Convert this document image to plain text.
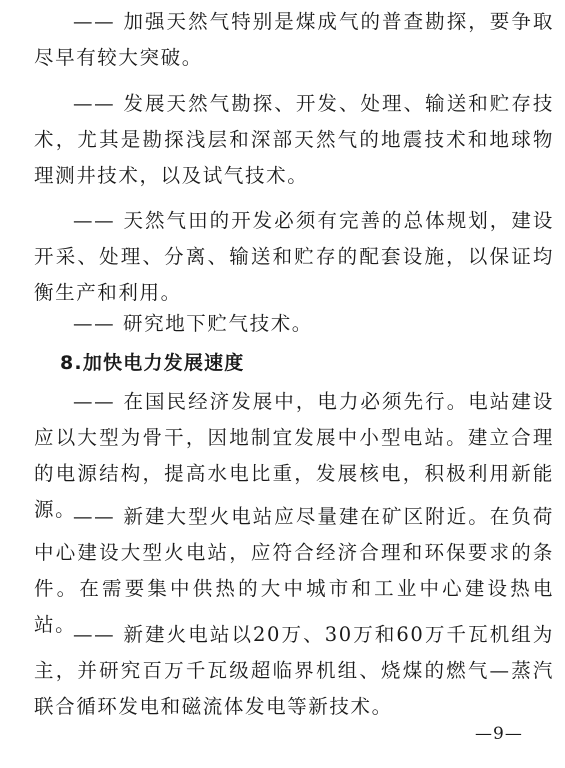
—— 加强天然气特别是煤成气的普查勘探，要争取尽早有较大突破。

—— 发展天然气勘探、开发、处理、输送和贮存技术，尤其是勘探浅层和深部天然气的地震技术和地球物理测井技术，以及试气技术。

—— 天然气田的开发必须有完善的总体规划，建设开采、处理、分离、输送和贮存的配套设施，以保证均衡生产和利用。

—— 研究地下贮气技术。

8.加快电力发展速度

—— 在国民经济发展中，电力必须先行。电站建设应以大型为骨干，因地制宜发展中小型电站。建立合理的电源结构，提高水电比重，发展核电，积极利用新能源。

—— 新建大型火电站应尽量建在矿区附近。在负荷中心建设大型火电站，应符合经济合理和环保要求的条件。在需要集中供热的大中城市和工业中心建设热电站。

—— 新建火电站以20万、30万和60万千瓦机组为主，并研究百万千瓦级超临界机组、烧煤的燃气—蒸汽联合循环发电和磁流体发电等新技术。

—9—
